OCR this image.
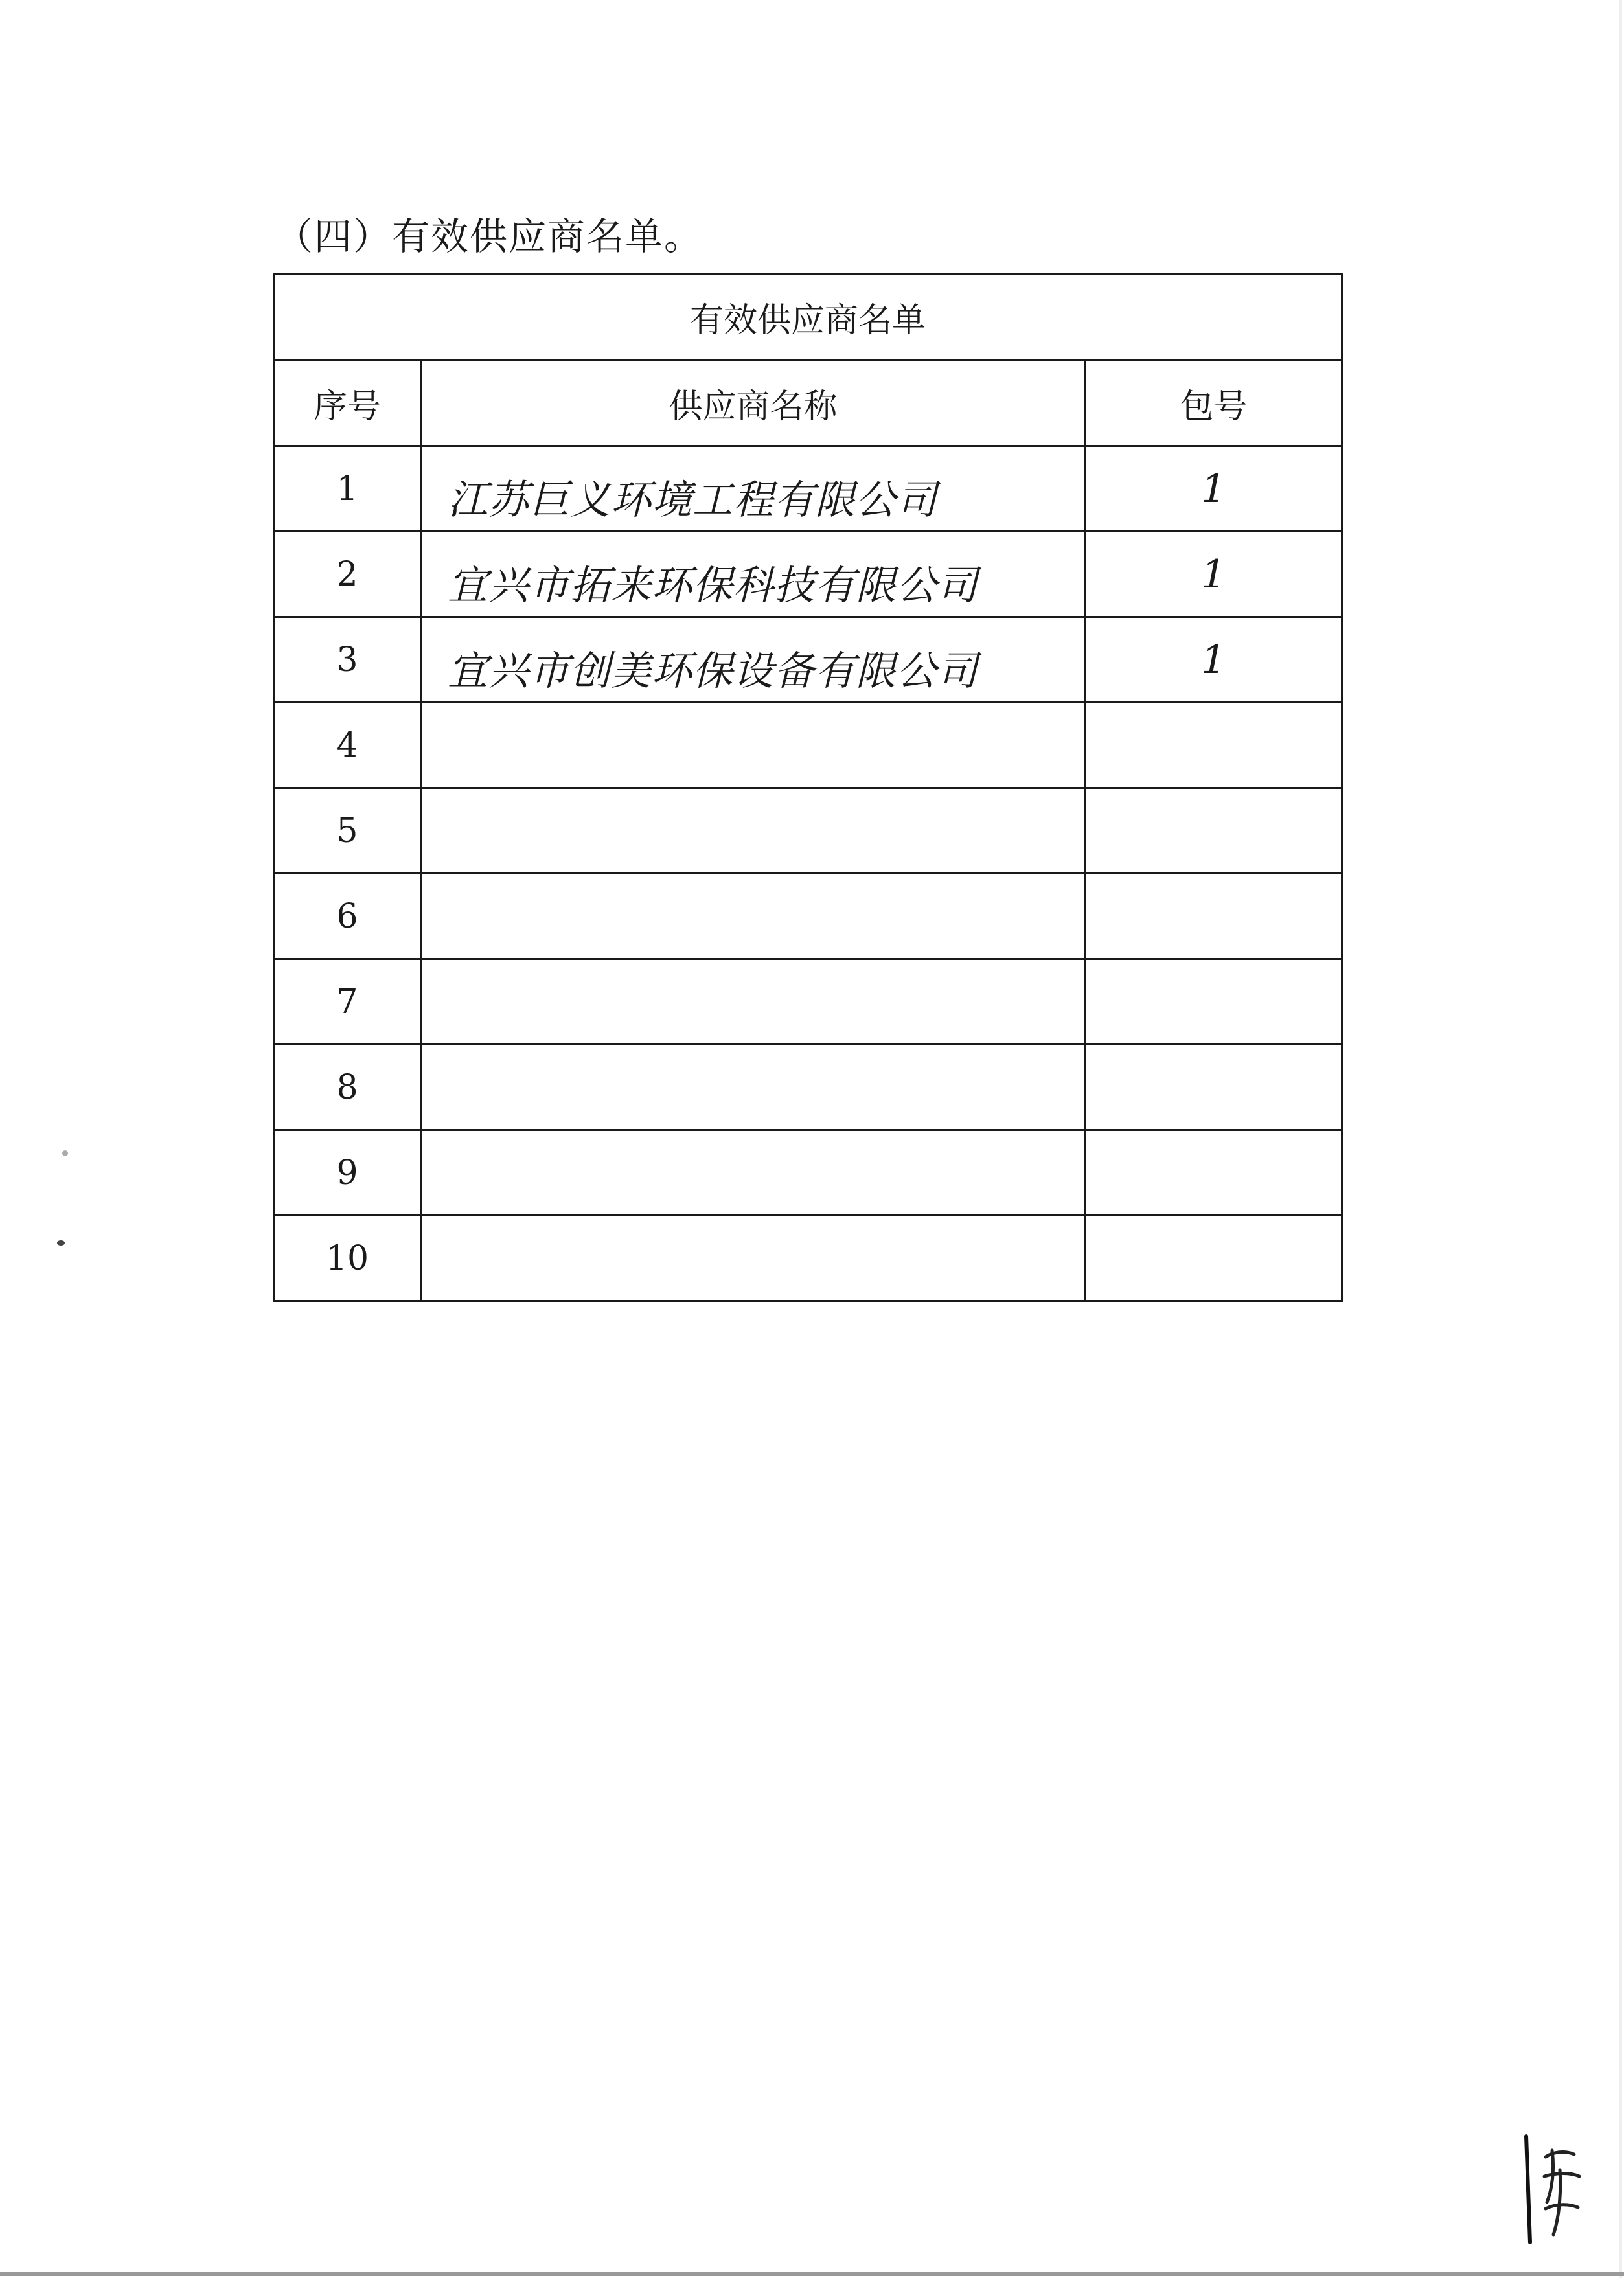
（四）有效供应商名单。
有效供应商名单		
序号	供应商名称	包号
1	江苏巨义环境工程有限公司	1
2	宜兴市拓来环保科技有限公司	1
3	宜兴市创美环保设备有限公司	1
4		
5		
6		
7		
8		
9		
10		
